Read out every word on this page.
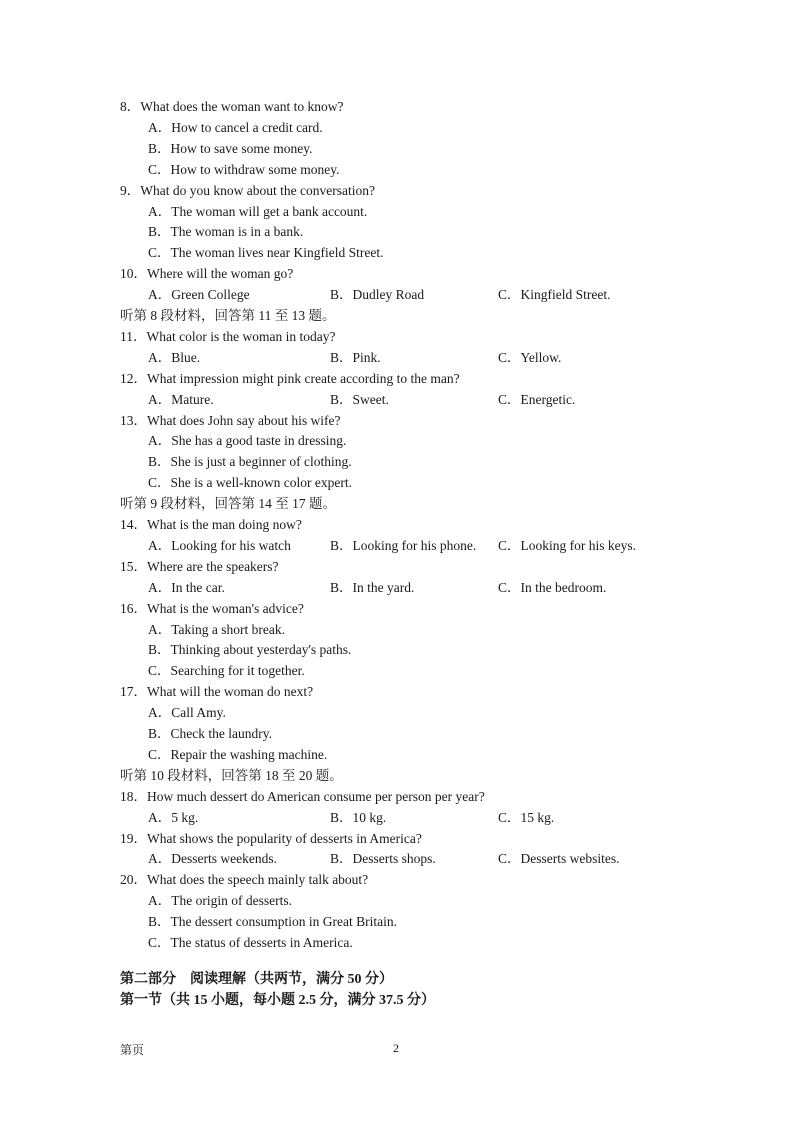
8．What does the woman want to know?
A．How to cancel a credit card.
B．How to save some money.
C．How to withdraw some money.
9．What do you know about the conversation?
A．The woman will get a bank account.
B．The woman is in a bank.
C．The woman lives near Kingfield Street.
10．Where will the woman go?
A．Green College	B．Dudley Road	C．Kingfield Street.
听第 8 段材料，回答第 11 至 13 题。
11．What color is the woman in today?
A．Blue.	B．Pink.	C．Yellow.
12．What impression might pink create according to the man?
A．Mature.	B．Sweet.	C．Energetic.
13．What does John say about his wife?
A．She has a good taste in dressing.
B．She is just a beginner of clothing.
C．She is a well-known color expert.
听第 9 段材料，回答第 14 至 17 题。
14．What is the man doing now?
A．Looking for his watch	B．Looking for his phone. C．Looking for his keys.
15．Where are the speakers?
A．In the car.	B．In the yard.	C．In the bedroom.
16．What is the woman's advice?
A．Taking a short break.
B．Thinking about yesterday's paths.
C．Searching for it together.
17．What will the woman do next?
A．Call Amy.
B．Check the laundry.
C．Repair the washing machine.
听第 10 段材料，回答第 18 至 20 题。
18．How much dessert do American consume per person per year?
A．5 kg.	B．10 kg.	C．15 kg.
19．What shows the popularity of desserts in America?
A．Desserts weekends.	B．Desserts shops.	C．Desserts websites.
20．What does the speech mainly talk about?
A．The origin of desserts.
B．The dessert consumption in Great Britain.
C．The status of desserts in America.
第二部分　阅读理解（共两节，满分 50 分）
第一节（共 15 小题，每小题 2.5 分，满分 37.5 分）
第页	2
